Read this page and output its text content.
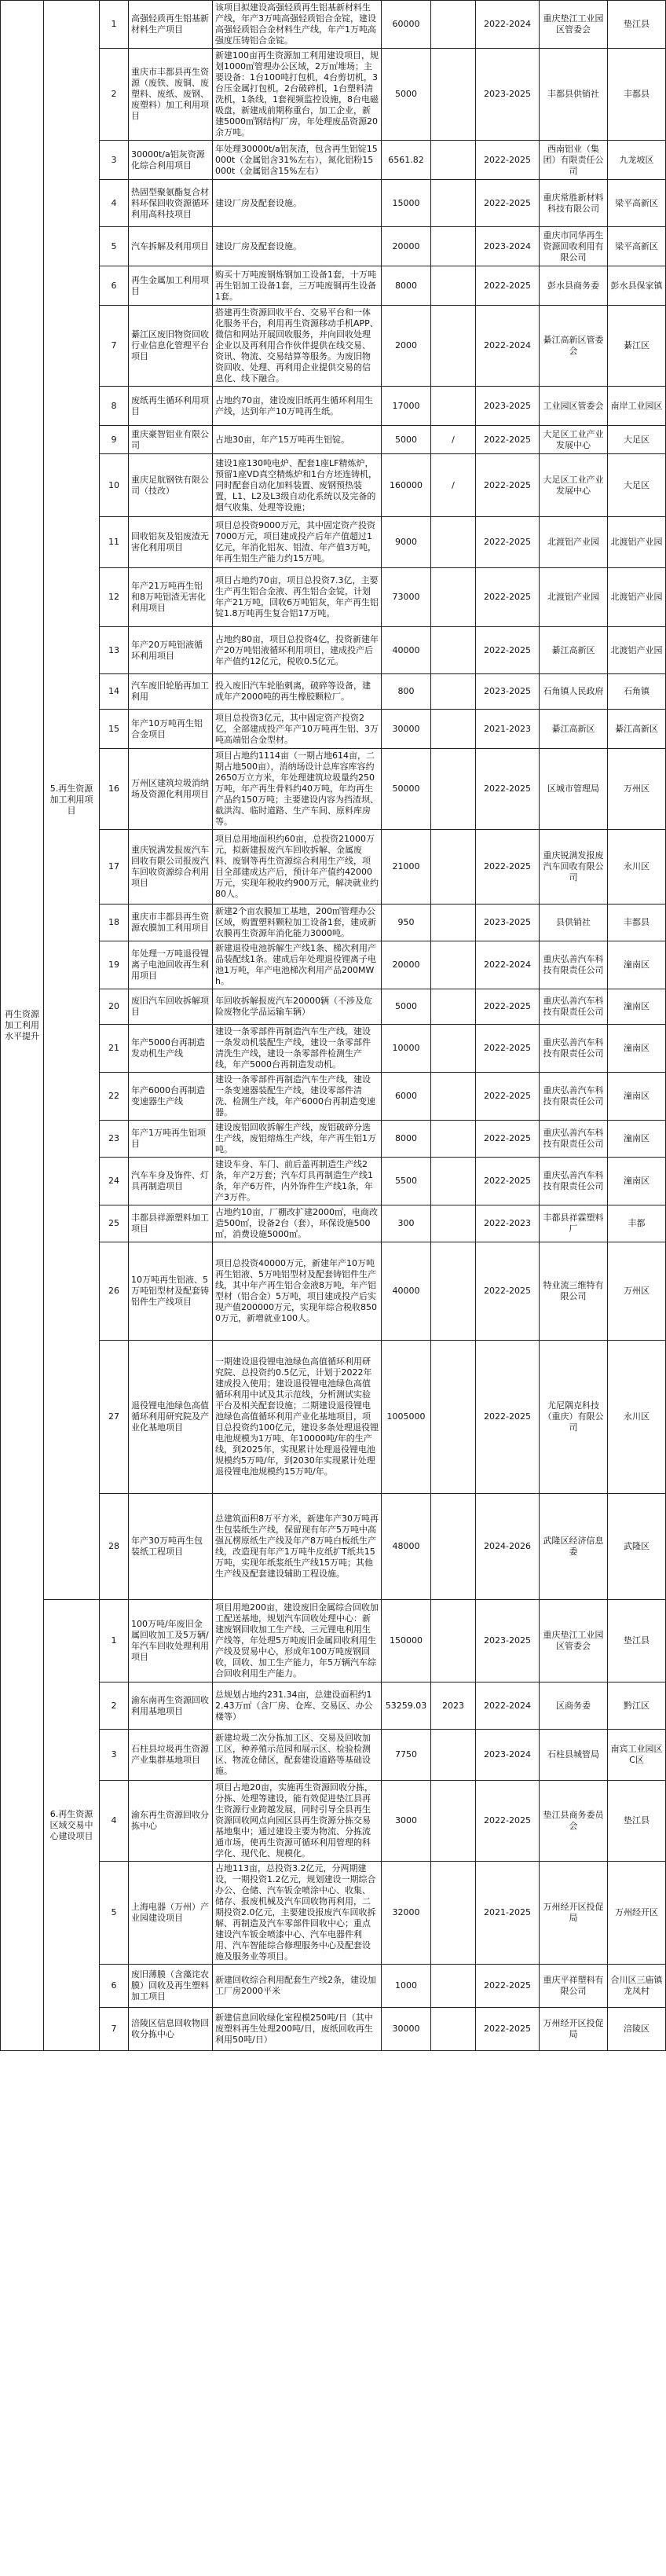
再生资源加工利用水平提升	5.再生资源加工利用项目	1	高强轻质再生铝基新材料生产项目	该项目拟建设高强轻质再生铝基新材料生产线，年产3万吨高强轻质铝合金锭，建设高强轻质铝合金材料生产线，年产1万吨高强度压铸铝合金锭。	60000		2022-2024	重庆垫江工业园区管委会	垫江县
		2	重庆市丰都县再生资源（废铁、废铜、废塑料、废纸、废钢、废塑料）加工利用项目	新建100亩再生资源加工利用建设项目，规划1000㎡管理办公区域，2万㎡堆场；主要设备：1台100吨打包机，4台剪切机，3台压金属打包机，2台破碎机，1台塑料清洗机，1条线，1套视频监控设施，8台电磁吸盘，新建成前期称重台，加工企业，新建5000㎡钢结构厂房，年处理废品资源20余万吨。	5000		2023-2025	丰都县供销社	丰都县
		3	30000t/a铝灰资源化综合利用项目	年处理30000t/a铝灰渣，包含再生铝锭15000t（金属铝含31%左右），氮化铝粉15000t（金属铝含15%左右）	6561.82		2022-2025	西南铝业（集团）有限责任公司	九龙坡区
		4	热固型聚氨酯复合材料环保回收资源循环利用高科技项目	建设厂房及配套设施。	15000		2022-2025	重庆常胜新材料科技有限公司	梁平高新区
		5	汽车拆解及利用项目	建设厂房及配套设施。	20000		2023-2024	重庆市同华再生资源回收利用有限公司	梁平高新区
		6	再生金属加工利用项目	购买十万吨废钢炼钢加工设备1套，十万吨再生铝加工设备1套，三万吨废铜再生设备1套。	8000		2022-2025	彭水县商务委	彭水县保家镇
		7	綦江区废旧物资回收行业信息化管理平台项目	搭建再生资源回收平台、交易平台和一体化服务平台，利用再生资源移动手机APP、微信和网站开展回收服务，并向回收处理企业以及再利用合作伙伴提供在线交易、资讯、物流、交易结算等服务。为废旧物资回收、处理、再利用企业提供交易的信息化、线下融合。	2000		2022-2024	綦江高新区管委会	綦江区
		8	废纸再生循环利用项目	占地约70亩，建设废旧纸再生循环利用生产线，达到年产10万吨再生纸。	17000		2023-2025	工业园区管委会	南岸工业园区
		9	重庆豪智铝业有限公司	占地30亩，年产15万吨再生铝锭。	5000	/	2022-2025	大足区工业产业发展中心	大足区
		10	重庆足航钢铁有限公司（技改）	建设1座130吨电炉、配套1座LF精炼炉，预留1座VD真空精炼炉和1台方坯连铸机，同时配套自动化加料装置、废钢预热装置，L1、L2及L3级自动化系统以及完备的烟气收集、处理等设施；	160000	/	2022-2025	大足区工业产业发展中心	大足区
		11	回收铝灰及铝废渣无害化利用项目	项目总投资9000万元，其中固定资产投资7000万元，项目建成投产后年产值超过1亿元，年消化铝灰、铝渣、年产值3万吨，年再生铝生产能力约15万吨。	9000		2022-2025	北渡铝产业园	北渡铝产业园
		12	年产21万吨再生铝和8万吨铝渣无害化利用项目	项目占地约70亩，项目总投资7.3亿，主要生产再生铝合金液、再生铝合金锭，计划年产21万吨，回收6万吨铝灰，年产再生铝锭1.8万吨再生复合铝17万吨。	73000		2022-2025	北渡铝产业园	北渡铝产业园
		13	年产20万吨铝液循环利用项目	占地约80亩，项目总投资4亿，投资新建年产20万吨铝液循环利用项目，建成投产后年产值约12亿元，税收0.5亿元。	40000		2022-2025	綦江高新区	北渡铝产业园
		14	汽车废旧轮胎再加工利用	投入废旧汽车轮胎刺离，破碎等设备，建成年产2000吨的再生橡胶颗粒厂。	800		2023-2025	石角镇人民政府	石角镇
		15	年产10万吨再生铝合金项目	项目总投资3亿元，其中固定资产投资2亿，全部建成投产年产10万吨再生铝、3万吨高端铝合金型材。	30000		2021-2023	綦江高新区	綦江高新区
		16	万州区建筑垃圾消纳场及资源化利用项目	项目占地约1114亩（一期占地614亩，二期占地500亩），消纳场设计总库容库容约2650万立方米，年处理建筑垃圾量约250万吨，年产再生骨料约40万吨，年均再生产品约150万吨；主要建设内容为挡渣坝、截洪沟、临时道路、生产车间、原料库房等。	50000		2022-2025	区城市管理局	万州区
		17	重庆锐满发报废汽车回收有限公司报废汽车回收资源综合利用项目	项目总用地面积约60亩，总投资21000万元，拟新建报废汽车回收拆解、金属废料、废钢等再生资源综合利用生产线，项目全部建成达产后，预计年产值约42000万元，实现年税收约900万元，解决就业约80人。	21000		2022-2025	重庆锐满发报废汽车回收有限公司	永川区
		18	重庆市丰都县再生资源农膜加工利用项目	新建2个亩农膜加工基地，200㎡管理办公区域，购置塑料颗粒加工设备1套，建成新农膜再生资源年消化能力3000吨。	950		2023-2025	县供销社	丰都县
		19	年处理一万吨退役锂离子电池回收再生利用项目	新建退役电池拆解生产线1条、梯次利用产品装配线1条。建成后年处理退役锂离子电池1万吨，年产电池梯次利用产品200MWh。	20000		2022-2024	重庆弘善汽车科技有限责任公司	潼南区
		20	废旧汽车回收拆解项目	年回收拆解报废汽车20000辆（不涉及危险废物化学品运输车辆）	5000		2022-2025	重庆弘善汽车科技有限责任公司	潼南区
		21	年产5000台再制造发动机生产线	建设一条零部件再制造汽车生产线，建设一条发动机装配生产线，建设一条零部件清洗生产线，建设一条零部件检测生产线，年产5000台再制造发动机。	10000		2022-2025	重庆弘善汽车科技有限责任公司	潼南区
		22	年产6000台再制造变速器生产线	建设一条零部件再制造汽车生产线，建设一条变速器装配生产线，建设零部件清洗、检测生产线，年产6000台再制造变速器。	6000		2022-2025	重庆弘善汽车科技有限责任公司	潼南区
		23	年产1万吨再生铝项目	建设废铝回收拆解生产线，废铝破碎分选生产线，废铝熔炼生产线，年产再生铝1万吨。	8000		2022-2025	重庆弘善汽车科技有限责任公司	潼南区
		24	汽车车身及饰件、灯具再制造项目	建设车身、车门、前后盖再制造生产线2条，年产2万套；汽车灯具再制造生产线1条，年产6万件，内外饰件生产线1条，年产3万件。	5500		2022-2025	重庆弘善汽车科技有限责任公司	潼南区
		25	丰都县祥源塑料加工项目	占地约10亩，厂棚改扩建2000㎡，电商改造500㎡，设备2台（套），环保设施500㎡，消费设施5000㎡。	300		2022-2023	丰都县祥霖塑料厂	丰都
		26	10万吨再生铝液、5万吨铝型材及配套铸铝件生产线项目	项目总投资40000万元，新建年产10万吨再生铝液、5万吨铝型材及配套铸铝件生产线，其中年产再生铝合金液8万吨，年产铝型材（铝合金）5万吨，项目建成投产后实现产值200000万元，实现年综合税收8500万元，新增就业100人。	40000		2022-2025	特业流三维特有限公司	万州区
		27	退役锂电池绿色高值循环利用研究院及产业化基地项目	一期建设退役锂电池绿色高值循环利用研究院、总投资约0.5亿元，计划于2022年建成投入使用；建设退役锂电池绿色高值循环利用中试及其示范线，分析测试实验平台及相关配套设施；二期建设退役锂电池绿色高值循环利用产业化基地项目，项目总投资约100亿元，建设多条处理退役锂电池规模为1万吨、年10000吨/年的生产线，到2025年，实现累计处理退役锂电池规模约5万吨/年，到2030年实现累计处理退役锂电池规模约15万吨/年。	1005000		2022-2025	尤尼隅克科技（重庆）有限公司	永川区
		28	年产30万吨再生包装纸工程项目	总建筑面积8万平方米，新建年产30万吨再生包装纸生产线，保留现有年产5万吨中高强瓦楞原纸生产线及年产8万吨白板纸生产线，改造现有年产1万吨牛皮纸扩T纸共15万吨，实现年纸浆纸生产线15万吨；其他生产线及配套建设辅助工程设施。	48000		2024-2026	武隆区经济信息委	武隆区
	6.再生资源区域交易中心建设项目	1	100万吨/年废旧金属回收加工及5万辆/年汽车回收处理利用项目	项目用地200亩，建设废旧金属综合回收加工配送基地，规划汽车回收处理中心：新建废钢回收加工生产线、三元锂电利用生产线等，年处理5万吨废旧金属回收利用生产线及贸易中心，形成年100万吨废钢回收，回收、加工生产能力，年5万辆汽车综合回收利用生产能力。	150000		2023-2025	重庆垫江工业园区管委会	垫江县
		2	渝东南再生资源回收利用基地项目	总规划占地约231.34亩，总建设面积约12.43万㎡（含厂房、仓库、交易区、办公楼等）	53259.03	2023	2022-2024	区商务委	黔江区
		3	石柱县垃圾再生资源产业集群基地项目	新建垃圾二次分拣加工区、交易及回收加工区，种养殖示范园和展示区、检验检测区、物流仓储区，配套建设道路等基础设施。	7750		2023-2024	石柱县城管局	南宾工业园区C区
		4	渝东再生资源回收分拣中心	项目占地20亩，实施再生资源回收分拣，分拣、处理等建设，能有效促进垫江县再生资源行业跨越发展，同时引导全县再生资源回收网点向园区县再生资源分拣交易基地集中；通过建设主要为物流、分拣流通市场，使再生资源可循环利用管理的科学化、现代化、规模化。	3000		2022-2025	垫江县商务委员会	垫江县
		5	上海电器（万州）产业园建设项目	占地113亩，总投资3.2亿元，分两期建设，一期投资1.2亿元，规划建设一期综合办公、仓储、汽车钣金喷涂中心、收集、储存、报废机械及汽车回收物再利用，二期投资2.0亿元，主要建设报废汽车回收拆解、再制造及汽车零部件回收中心；重点建设汽车钣金喷漆中心、汽车电器件利用、汽车智能综合修理服务中心及配套设施及服务业等项目。	32000		2021-2025	万州经开区投促局	万州经开区
		6	废旧薄膜（含藻诧农膜）回收及再生塑料加工项目	新建回收综合利用配套生产线2条，建设加工厂房2000平米	1000		2022-2025	重庆平祥塑料有限公司	合川区三庙镇龙凤村
		7	涪陵区信息回收物回收分拣中心	新建信息回收绿化室程模250吨/日（其中废塑料再生处理200吨/日，废纸回收再生利用50吨/日）	30000		2022-2025	万州经开区投促局	涪陵区
